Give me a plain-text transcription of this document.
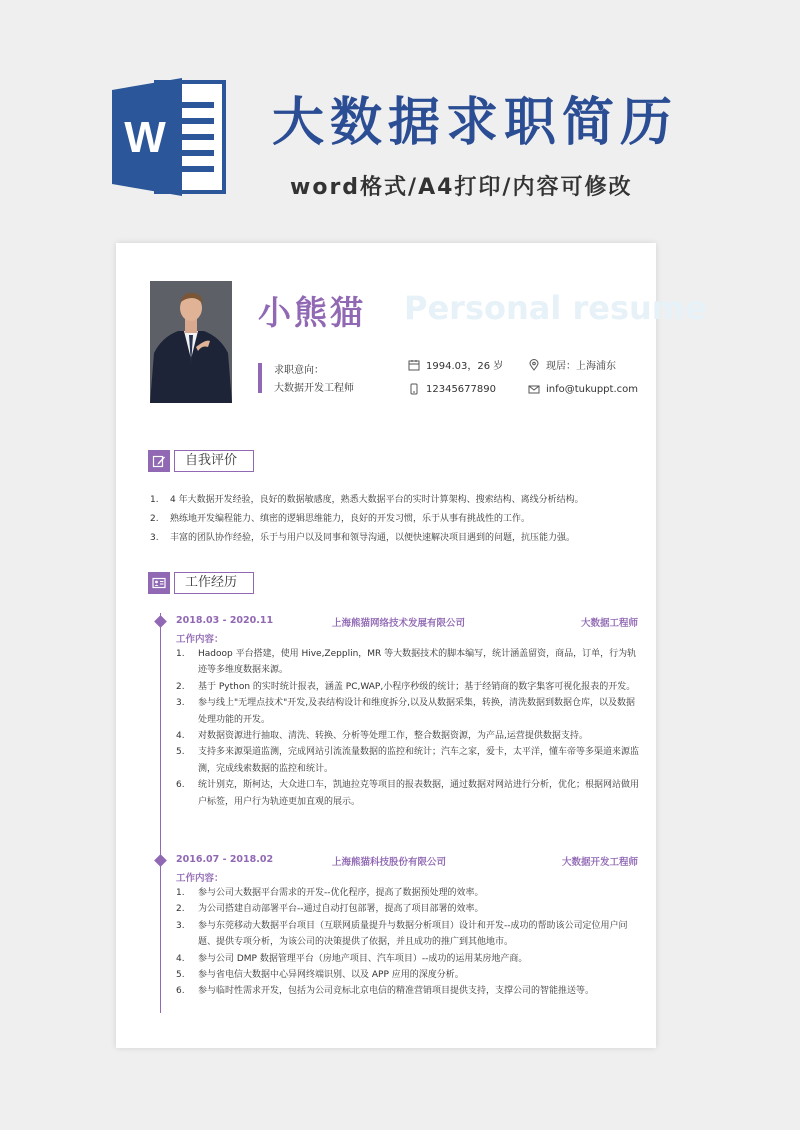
W 大数据求职简历
word格式/A4打印/内容可修改
小熊猫 Personal resume
求职意向：
大数据开发工程师
1994.03，26 岁	现居：上海浦东
12345677890	info@tukuppt.com
自我评价
1.	4 年大数据开发经验，良好的数据敏感度，熟悉大数据平台的实时计算架构、搜索结构、离线分析结构。
2.	熟练地开发编程能力、缜密的逻辑思维能力，良好的开发习惯，乐于从事有挑战性的工作。
3.	丰富的团队协作经验，乐于与用户以及同事和领导沟通，以便快速解决项目遇到的问题，抗压能力强。
工作经历
2018.03 - 2020.11	上海熊猫网络技术发展有限公司	大数据工程师
工作内容：
1.	Hadoop 平台搭建，使用 Hive,Zepplin，MR 等大数据技术的脚本编写，统计涵盖留资，商品，订单，行为轨迹等多维度数据来源。
2.	基于 Python 的实时统计报表，涵盖 PC,WAP,小程序秒级的统计；基于经销商的数字集客可视化报表的开发。
3.	参与线上"无埋点技术"开发,及表结构设计和维度拆分,以及从数据采集，转换，清洗数据到数据仓库，以及数据处理功能的开发。
4.	对数据资源进行抽取、清洗、转换、分析等处理工作，整合数据资源，为产品,运营提供数据支持。
5.	支持多来源渠道监测，完成网站引流流量数据的监控和统计；汽车之家，爱卡，太平洋，懂车帝等多渠道来源监测，完成线索数据的监控和统计。
6.	统计别克，斯柯达，大众进口车，凯迪拉克等项目的报表数据，通过数据对网站进行分析，优化；根据网站做用户标签，用户行为轨迹更加直观的展示。
2016.07 - 2018.02	上海熊猫科技股份有限公司	大数据开发工程师
工作内容：
1.	参与公司大数据平台需求的开发--优化程序，提高了数据预处理的效率。
2.	为公司搭建自动部署平台--通过自动打包部署，提高了项目部署的效率。
3.	参与东莞移动大数据平台项目（互联网质量提升与数据分析项目）设计和开发--成功的帮助该公司定位用户问题、提供专项分析，为该公司的决策提供了依据，并且成功的推广到其他地市。
4.	参与公司 DMP 数据管理平台（房地产项目、汽车项目）--成功的运用某房地产商。
5.	参与省电信大数据中心异网终端识别、以及 APP 应用的深度分析。
6.	参与临时性需求开发，包括为公司竞标北京电信的精准营销项目提供支持，支撑公司的智能推送等。
